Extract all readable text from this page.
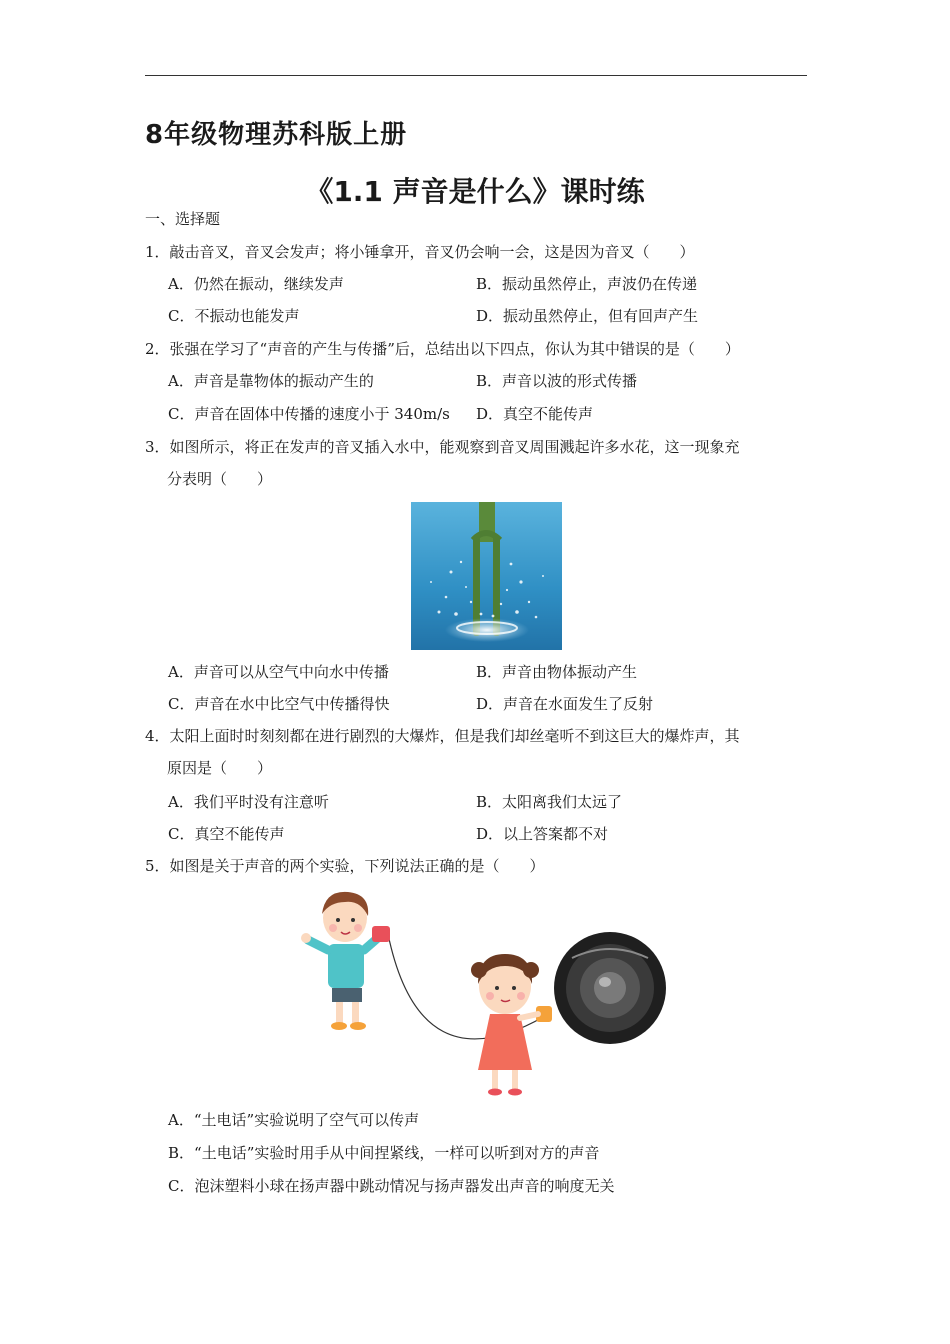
8年级物理苏科版上册
《1.1 声音是什么》课时练
一、选择题
1．敲击音叉，音叉会发声；将小锤拿开，音叉仍会响一会，这是因为音叉（　　）
A．仍然在振动，继续发声	B．振动虽然停止，声波仍在传递
C．不振动也能发声	D．振动虽然停止，但有回声产生
2．张强在学习了“声音的产生与传播”后，总结出以下四点，你认为其中错误的是（　　）
A．声音是靠物体的振动产生的	B．声音以波的形式传播
C．声音在固体中传播的速度小于 340m/s D．真空不能传声
3．如图所示，将正在发声的音叉插入水中，能观察到音叉周围溅起许多水花，这一现象充
分表明（　　）
A．声音可以从空气中向水中传播	B．声音由物体振动产生
C．声音在水中比空气中传播得快	D．声音在水面发生了反射
4．太阳上面时时刻刻都在进行剧烈的大爆炸，但是我们却丝毫听不到这巨大的爆炸声，其
原因是（　　）
A．我们平时没有注意听	B．太阳离我们太远了
C．真空不能传声	D．以上答案都不对
5．如图是关于声音的两个实验，下列说法正确的是（　　）
A．“土电话”实验说明了空气可以传声
B．“土电话”实验时用手从中间捏紧线，一样可以听到对方的声音
C．泡沫塑料小球在扬声器中跳动情况与扬声器发出声音的响度无关
